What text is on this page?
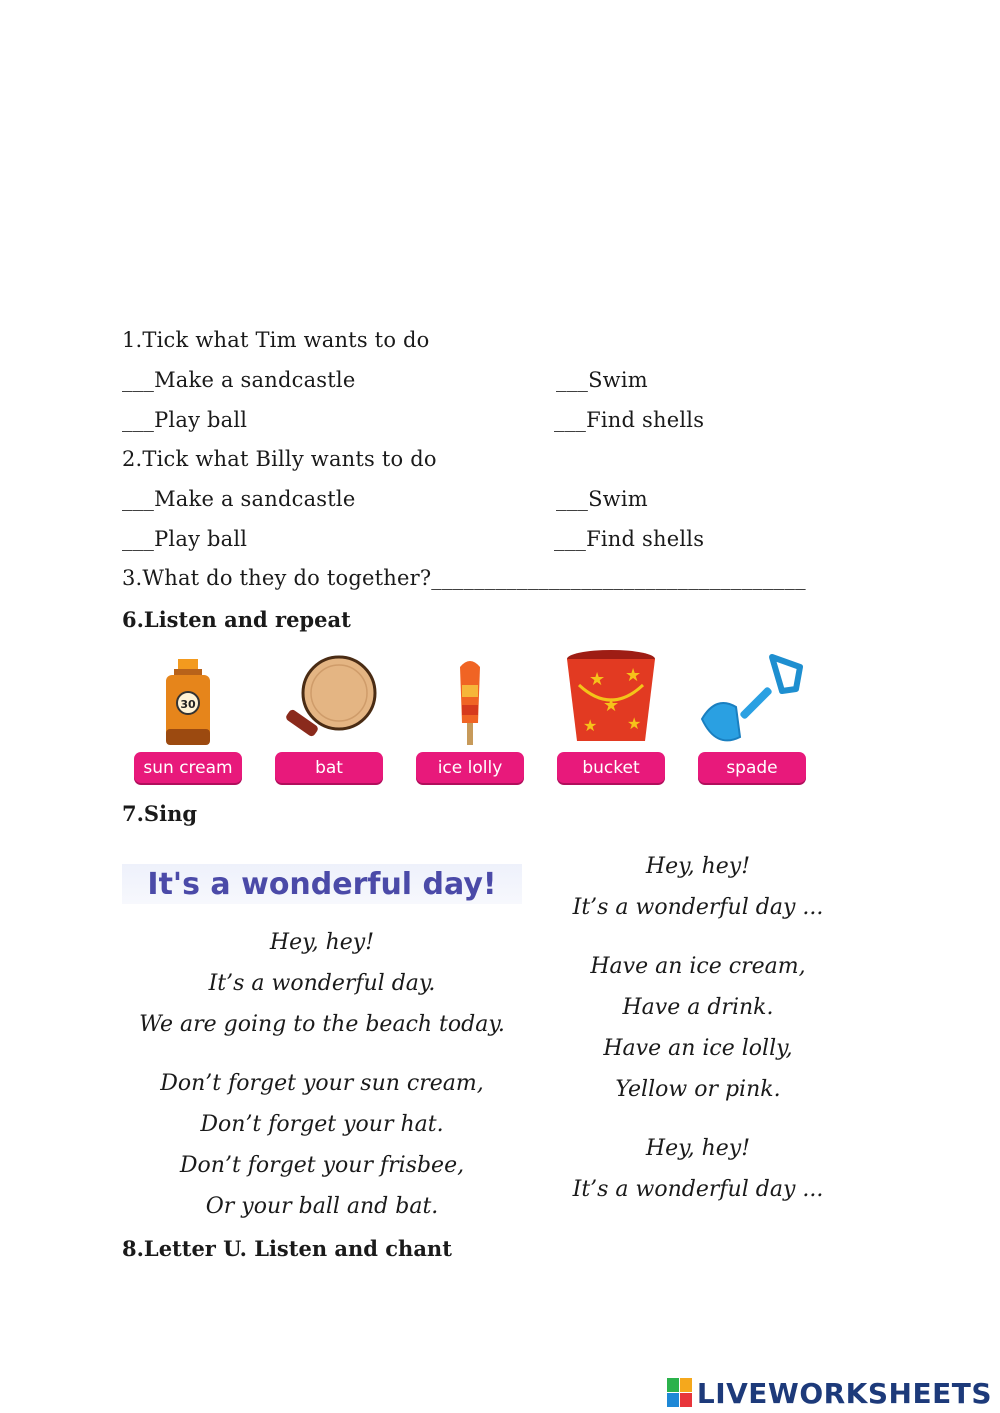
1.Tick what Tim wants to do
___Make a sandcastle	___Swim
___Play ball	___Find shells
2.Tick what Billy wants to do
___Make a sandcastle	___Swim
___Play ball	___Find shells
3.What do they do together?___________________________________
6.Listen and repeat
30
sun cream	bat	ice lolly
★ ★
★
★ ★
bucket	spade
7.Sing
It's a wonderful day!
Hey, hey!
It’s a wonderful day.
We are going to the beach today.
Don’t forget your sun cream,
Don’t forget your hat.
Don’t forget your frisbee,
Or your ball and bat.
Hey, hey!
It’s a wonderful day ...
Have an ice cream,
Have a drink.
Have an ice lolly,
Yellow or pink.
Hey, hey!
It’s a wonderful day ...
8.Letter U. Listen and chant
LIVEWORKSHEETS
